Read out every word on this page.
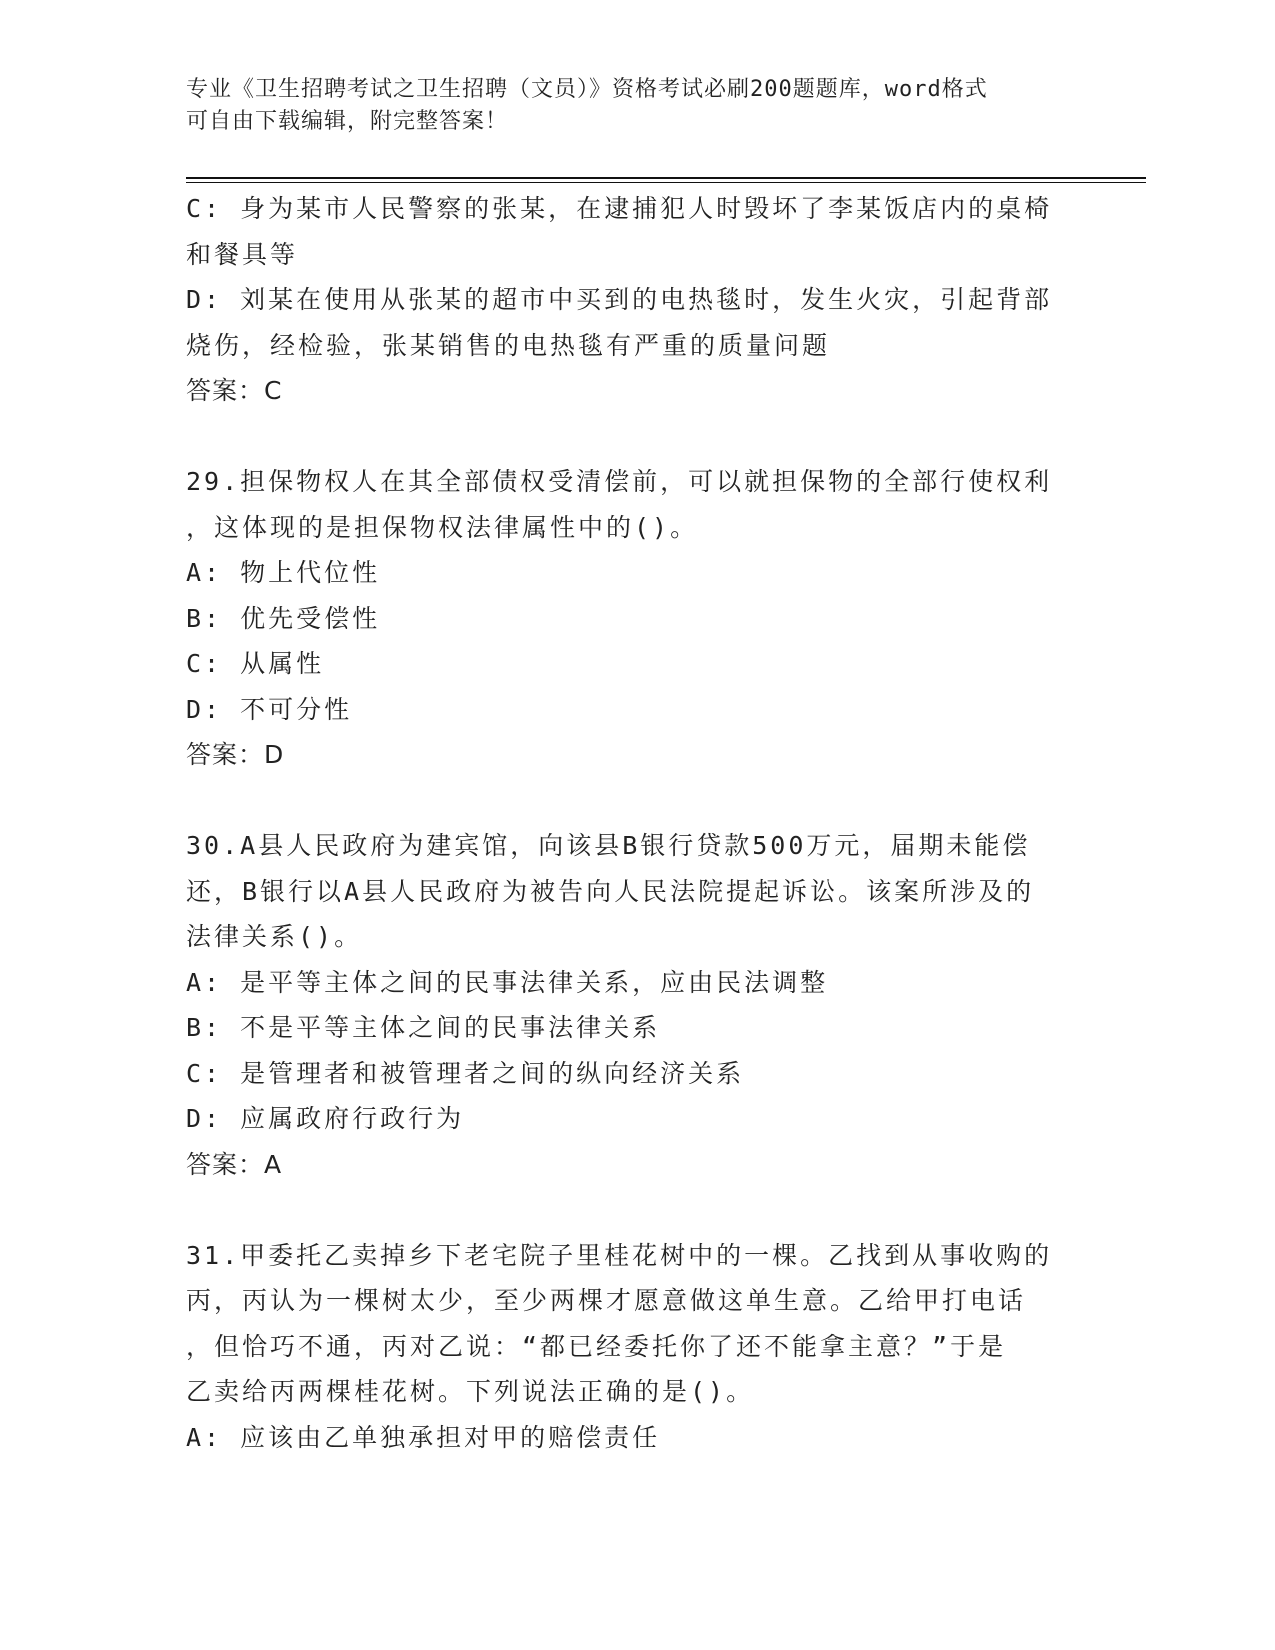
专业《卫生招聘考试之卫生招聘（文员）》资格考试必刷200题题库，word格式
可自由下载编辑，附完整答案！
C: 身为某市人民警察的张某，在逮捕犯人时毁坏了李某饭店内的桌椅
和餐具等
D: 刘某在使用从张某的超市中买到的电热毯时，发生火灾，引起背部
烧伤，经检验，张某销售的电热毯有严重的质量问题
答案：C
29.担保物权人在其全部债权受清偿前，可以就担保物的全部行使权利
，这体现的是担保物权法律属性中的()。
A: 物上代位性
B: 优先受偿性
C: 从属性
D: 不可分性
答案：D
30.A县人民政府为建宾馆，向该县B银行贷款500万元，届期未能偿
还，B银行以A县人民政府为被告向人民法院提起诉讼。该案所涉及的
法律关系()。
A: 是平等主体之间的民事法律关系，应由民法调整
B: 不是平等主体之间的民事法律关系
C: 是管理者和被管理者之间的纵向经济关系
D: 应属政府行政行为
答案：A
31.甲委托乙卖掉乡下老宅院子里桂花树中的一棵。乙找到从事收购的
丙，丙认为一棵树太少，至少两棵才愿意做这单生意。乙给甲打电话
，但恰巧不通，丙对乙说：“都已经委托你了还不能拿主意？”于是
乙卖给丙两棵桂花树。下列说法正确的是()。
A: 应该由乙单独承担对甲的赔偿责任
